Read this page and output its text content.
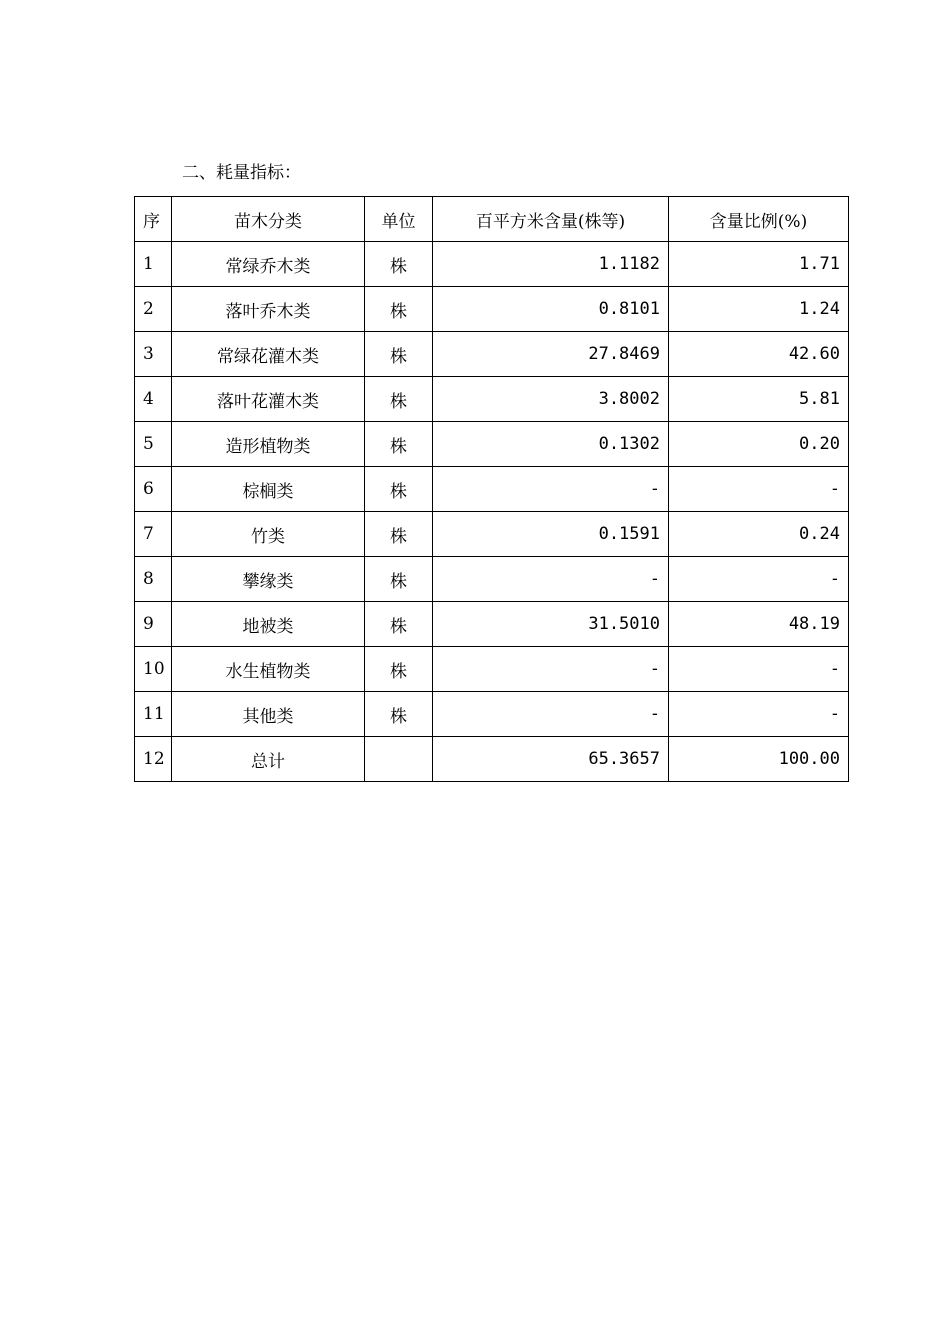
二、耗量指标：
序	苗木分类	单位	百平方米含量(株等)	含量比例(%)
1	常绿乔木类	株	1.1182	1.71
2	落叶乔木类	株	0.8101	1.24
3	常绿花灌木类	株	27.8469	42.60
4	落叶花灌木类	株	3.8002	5.81
5	造形植物类	株	0.1302	0.20
6	棕榈类	株	-	-
7	竹类	株	0.1591	0.24
8	攀缘类	株	-	-
9	地被类	株	31.5010	48.19
10	水生植物类	株	-	-
11	其他类	株	-	-
12	总计		65.3657	100.00
